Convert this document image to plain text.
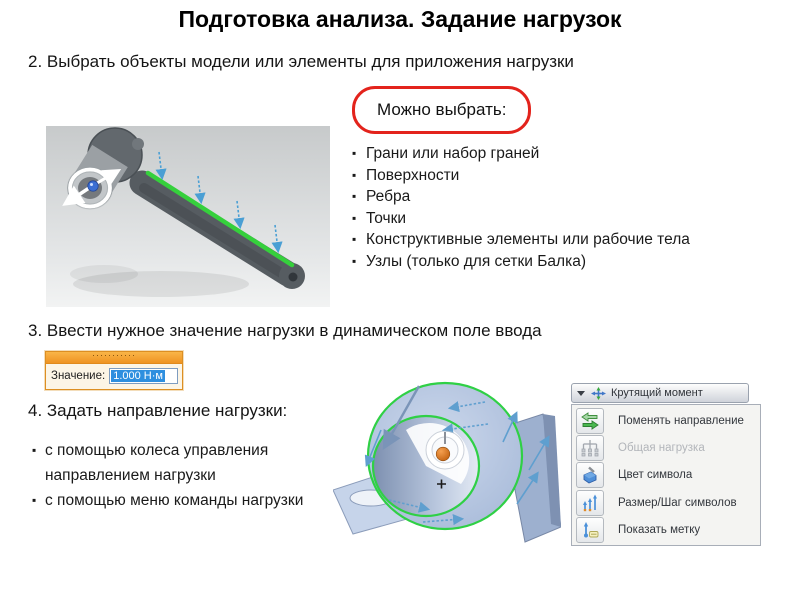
Подготовка анализа. Задание нагрузок
2. Выбрать объекты модели или элементы для приложения нагрузки
Можно выбрать:
▪ Грани или набор граней
▪ Поверхности
▪ Ребра
▪ Точки
▪ Конструктивные элементы или рабочие тела
▪ Узлы (только для сетки Балка)
3. Ввести нужное значение нагрузки в динамическом поле ввода
···········
Значение: 1.000 Н·м
4. Задать направление нагрузки:
▪ с помощью колеса управления направлением нагрузки
▪ с помощью меню команды нагрузки
Крутящий момент
Поменять направление
Общая нагрузка
Цвет символа
Размер/Шаг символов
Показать метку
